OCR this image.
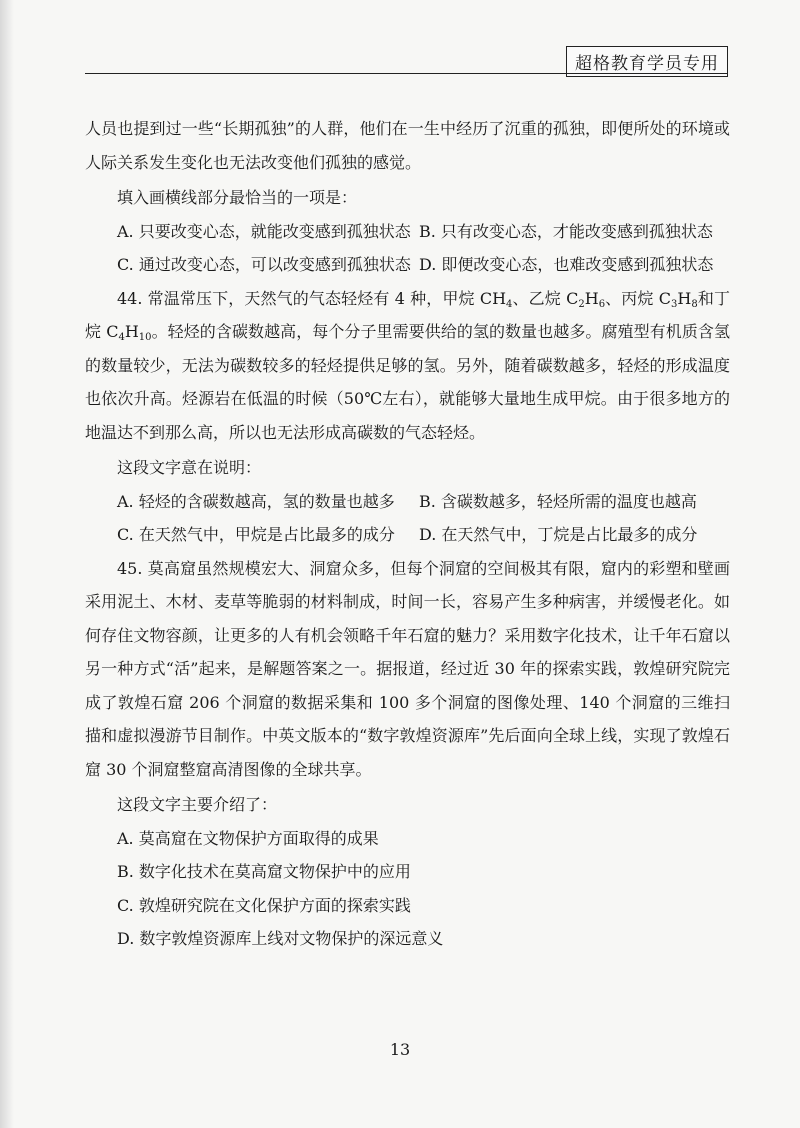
超格教育学员专用

人员也提到过一些“长期孤独”的人群，他们在一生中经历了沉重的孤独，即便所处的环境或人际关系发生变化也无法改变他们孤独的感觉。

填入画横线部分最恰当的一项是：

A. 只要改变心态，就能改变感到孤独状态 B. 只有改变心态，才能改变感到孤独状态
C. 通过改变心态，可以改变感到孤独状态 D. 即便改变心态，也难改变感到孤独状态

44. 常温常压下，天然气的气态轻烃有 4 种，甲烷 $CH_4$、乙烷 $C_2H_6$、丙烷 $C_3H_8$和丁烷 $C_4H_{10}$。轻烃的含碳数越高，每个分子里需要供给的氢的数量也越多。腐殖型有机质含氢的数量较少，无法为碳数较多的轻烃提供足够的氢。另外，随着碳数越多，轻烃的形成温度也依次升高。烃源岩在低温的时候（50℃左右），就能够大量地生成甲烷。由于很多地方的地温达不到那么高，所以也无法形成高碳数的气态轻烃。

这段文字意在说明：

A. 轻烃的含碳数越高，氢的数量也越多	B. 含碳数越多，轻烃所需的温度也越高
C. 在天然气中，甲烷是占比最多的成分	D. 在天然气中，丁烷是占比最多的成分

45. 莫高窟虽然规模宏大、洞窟众多，但每个洞窟的空间极其有限，窟内的彩塑和壁画采用泥土、木材、麦草等脆弱的材料制成，时间一长，容易产生多种病害，并缓慢老化。如何存住文物容颜，让更多的人有机会领略千年石窟的魅力？采用数字化技术，让千年石窟以另一种方式“活”起来，是解题答案之一。据报道，经过近 30 年的探索实践，敦煌研究院完成了敦煌石窟 206 个洞窟的数据采集和 100 多个洞窟的图像处理、140 个洞窟的三维扫描和虚拟漫游节目制作。中英文版本的“数字敦煌资源库”先后面向全球上线，实现了敦煌石窟 30 个洞窟整窟高清图像的全球共享。

这段文字主要介绍了：

A. 莫高窟在文物保护方面取得的成果
B. 数字化技术在莫高窟文物保护中的应用
C. 敦煌研究院在文化保护方面的探索实践
D. 数字敦煌资源库上线对文物保护的深远意义
13
